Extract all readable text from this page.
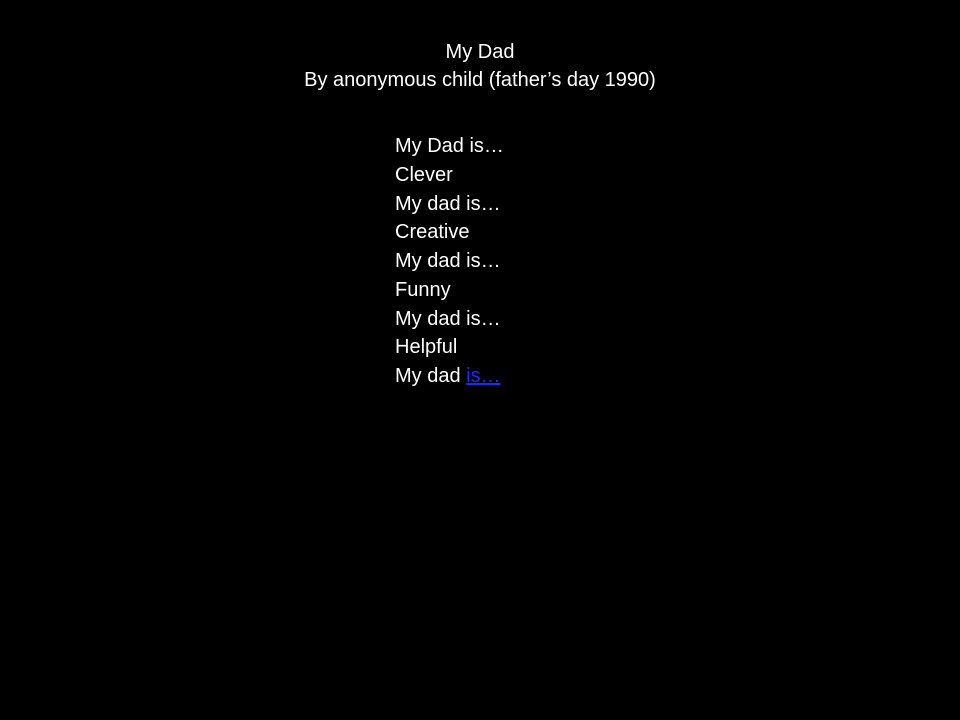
My Dad
By anonymous child (father’s day 1990)
My Dad is…
Clever
My dad is…
Creative
My dad is…
Funny
My dad is…
Helpful
My dad is…
